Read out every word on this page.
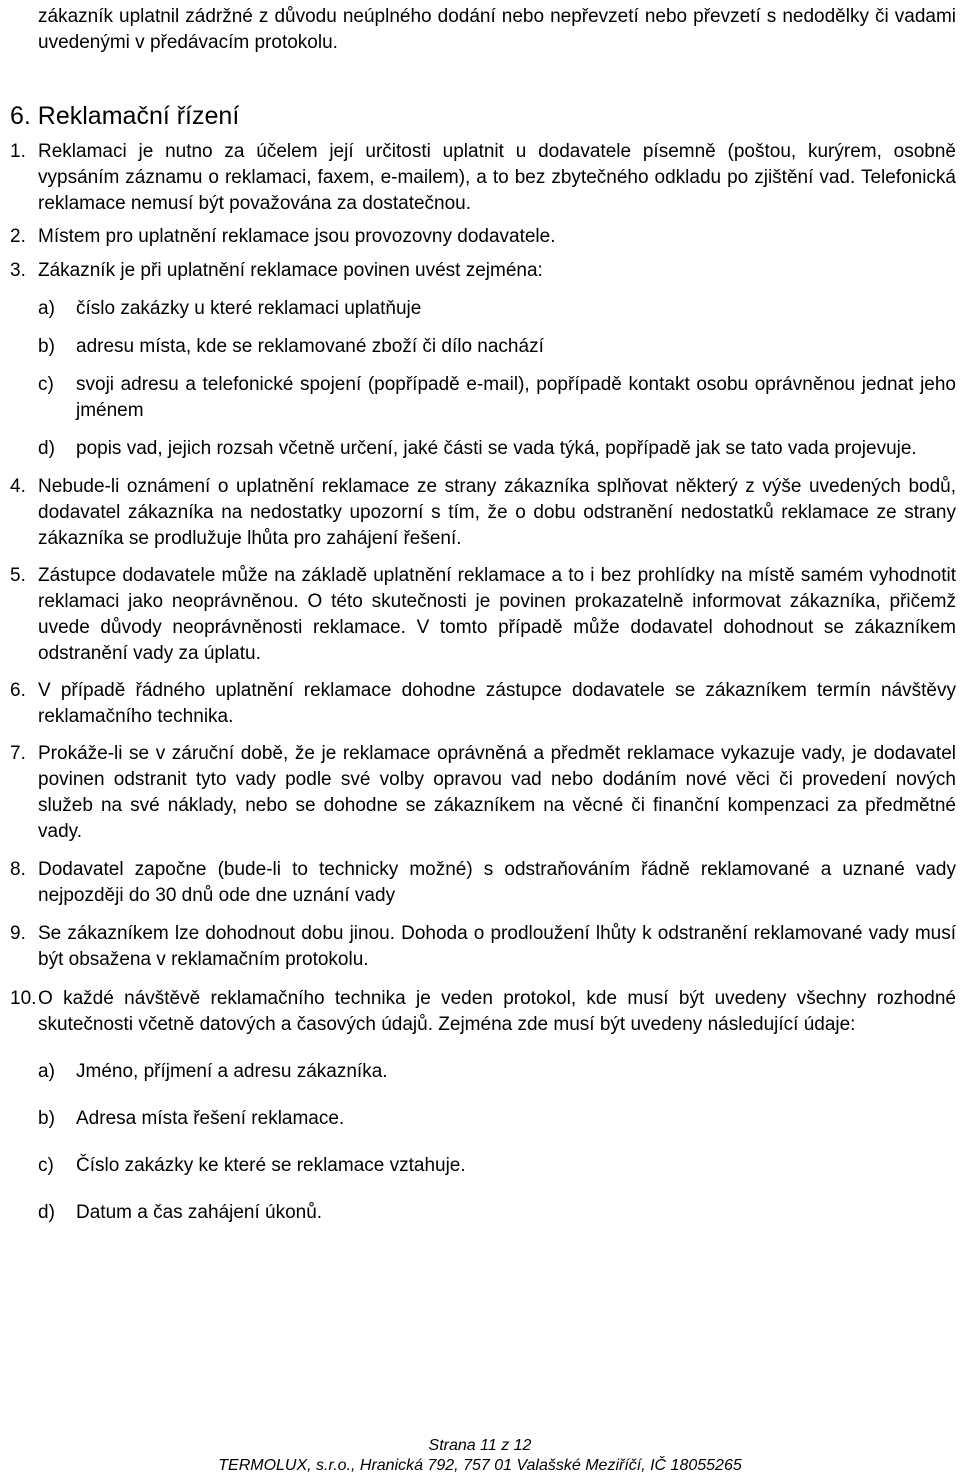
zákazník uplatnil zádržné z důvodu neúplného dodání nebo nepřevzetí nebo převzetí s nedodělky či vadami uvedenými v předávacím protokolu.

6. Reklamační řízení

1. Reklamaci je nutno za účelem její určitosti uplatnit u dodavatele písemně (poštou, kurýrem, osobně vypsáním záznamu o reklamaci, faxem, e-mailem), a to bez zbytečného odkladu po zjištění vad. Telefonická reklamace nemusí být považována za dostatečnou.
2. Místem pro uplatnění reklamace jsou provozovny dodavatele.
3. Zákazník je při uplatnění reklamace povinen uvést zejména:
a)	číslo zakázky u které reklamaci uplatňuje
b)	adresu místa, kde se reklamované zboží či dílo nachází
c)	svoji adresu a telefonické spojení (popřípadě e-mail), popřípadě kontakt osobu oprávněnou jednat jeho jménem
d)	popis vad, jejich rozsah včetně určení, jaké části se vada týká, popřípadě jak se tato vada projevuje.
4. Nebude-li oznámení o uplatnění reklamace ze strany zákazníka splňovat některý z výše uvedených bodů, dodavatel zákazníka na nedostatky upozorní s tím, že o dobu odstranění nedostatků reklamace ze strany zákazníka se prodlužuje lhůta pro zahájení řešení.
5. Zástupce dodavatele může na základě uplatnění reklamace a to i bez prohlídky na místě samém vyhodnotit reklamaci jako neoprávněnou. O této skutečnosti je povinen prokazatelně informovat zákazníka, přičemž uvede důvody neoprávněnosti reklamace. V tomto případě může dodavatel dohodnout se zákazníkem odstranění vady za úplatu.
6. V případě řádného uplatnění reklamace dohodne zástupce dodavatele se zákazníkem termín návštěvy reklamačního technika.
7. Prokáže-li se v záruční době, že je reklamace oprávněná a předmět reklamace vykazuje vady, je dodavatel povinen odstranit tyto vady podle své volby opravou vad nebo dodáním nové věci či provedení nových služeb na své náklady, nebo se dohodne se zákazníkem na věcné či finanční kompenzaci za předmětné vady.
8. Dodavatel započne (bude-li to technicky možné) s odstraňováním řádně reklamované a uznané vady nejpozději do 30 dnů ode dne uznání vady
9. Se zákazníkem lze dohodnout dobu jinou. Dohoda o prodloužení lhůty k odstranění reklamované vady musí být obsažena v reklamačním protokolu.
10. O každé návštěvě reklamačního technika je veden protokol, kde musí být uvedeny všechny rozhodné skutečnosti včetně datových a časových údajů. Zejména zde musí být uvedeny následující údaje:
a)	Jméno, příjmení a adresu zákazníka.
b)	Adresa místa řešení reklamace.
c)	Číslo zakázky ke které se reklamace vztahuje.
d)	Datum a čas zahájení úkonů.
Strana 11 z 12
TERMOLUX, s.r.o., Hranická 792, 757 01 Valašské Meziříčí, IČ 18055265
